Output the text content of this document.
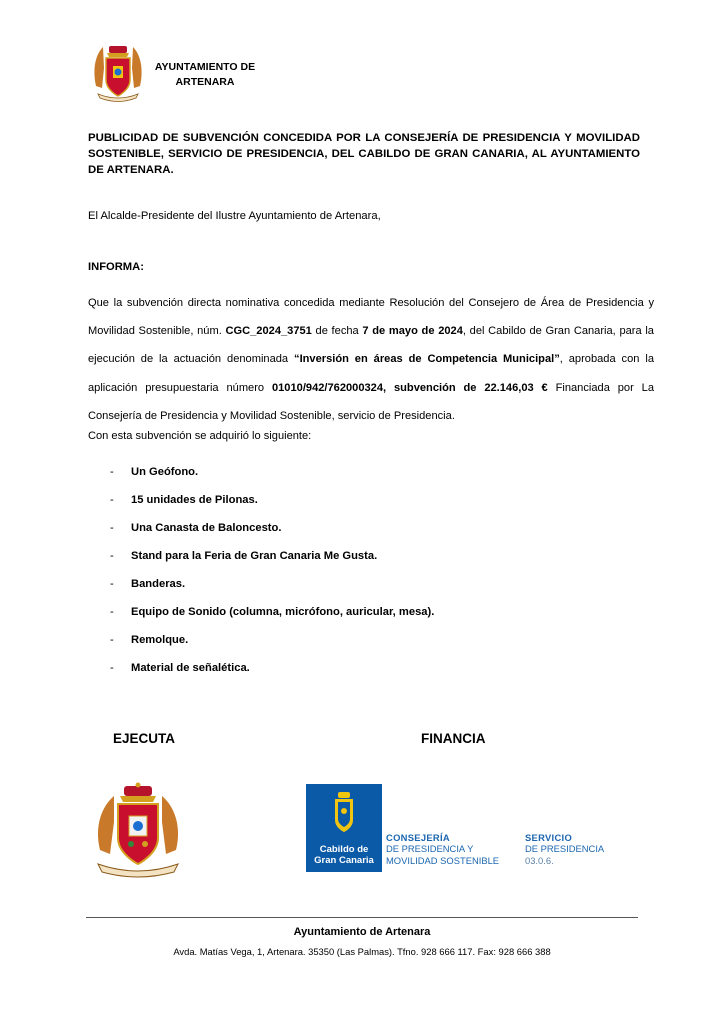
AYUNTAMIENTO DE
ARTENARA
PUBLICIDAD DE SUBVENCIÓN CONCEDIDA POR LA CONSEJERÍA DE PRESIDENCIA Y MOVILIDAD SOSTENIBLE, SERVICIO DE PRESIDENCIA, DEL CABILDO DE GRAN CANARIA, AL AYUNTAMIENTO DE ARTENARA.
El Alcalde-Presidente del Ilustre Ayuntamiento de Artenara,
INFORMA:
Que la subvención directa nominativa concedida mediante Resolución del Consejero de Área de Presidencia y Movilidad Sostenible, núm. CGC_2024_3751 de fecha 7 de mayo de 2024, del Cabildo de Gran Canaria, para la ejecución de la actuación denominada “Inversión en áreas de Competencia Municipal”, aprobada con la aplicación presupuestaria número 01010/942/762000324, subvención de 22.146,03 € Financiada por La Consejería de Presidencia y Movilidad Sostenible, servicio de Presidencia.
Con esta subvención se adquirió lo siguiente:
- Un Geófono.
- 15 unidades de Pilonas.
- Una Canasta de Baloncesto.
- Stand para la Feria de Gran Canaria Me Gusta.
- Banderas.
- Equipo de Sonido (columna, micrófono, auricular, mesa).
- Remolque.
- Material de señalética.
EJECUTA	FINANCIA
Cabildo de
Gran Canaria
CONSEJERÍA
DE PRESIDENCIA Y
MOVILIDAD SOSTENIBLE
SERVICIO
DE PRESIDENCIA
03.0.6.
Ayuntamiento de Artenara
Avda. Matías Vega, 1, Artenara. 35350 (Las Palmas). Tfno. 928 666 117. Fax: 928 666 388
